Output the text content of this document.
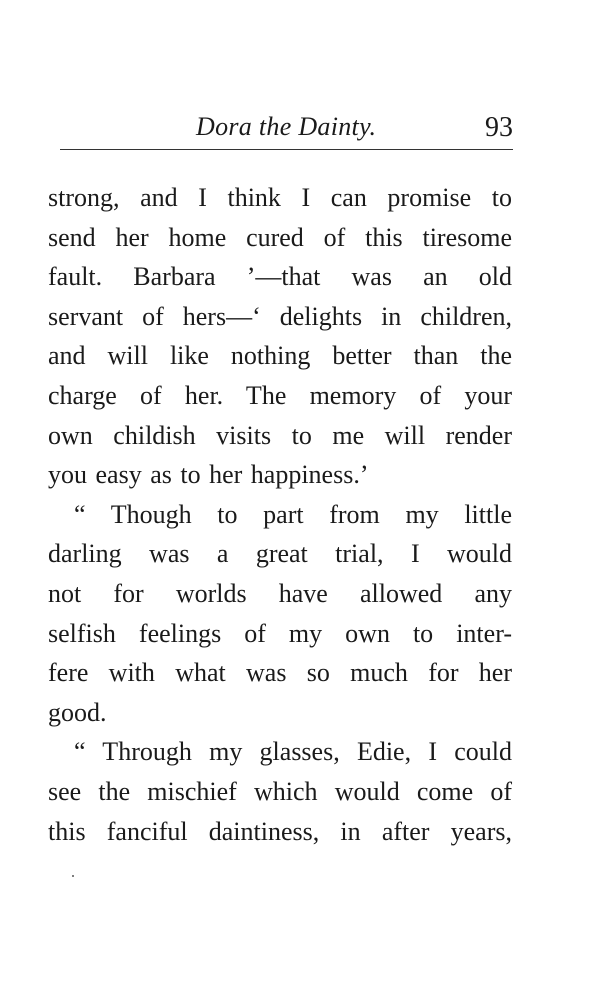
Dora the Dainty.	93
strong, and I think I can promise to
send her home cured of this tiresome
fault. Barbara ’—that was an old
servant of hers—‘ delights in children,
and will like nothing better than the
charge of her. The memory of your
own childish visits to me will render
you easy as to her happiness.’
“ Though to part from my little
darling was a great trial, I would
not for worlds have allowed any
selfish feelings of my own to inter-
fere with what was so much for her
good.
“ Through my glasses, Edie, I could
see the mischief which would come of
this fanciful daintiness, in after years,
